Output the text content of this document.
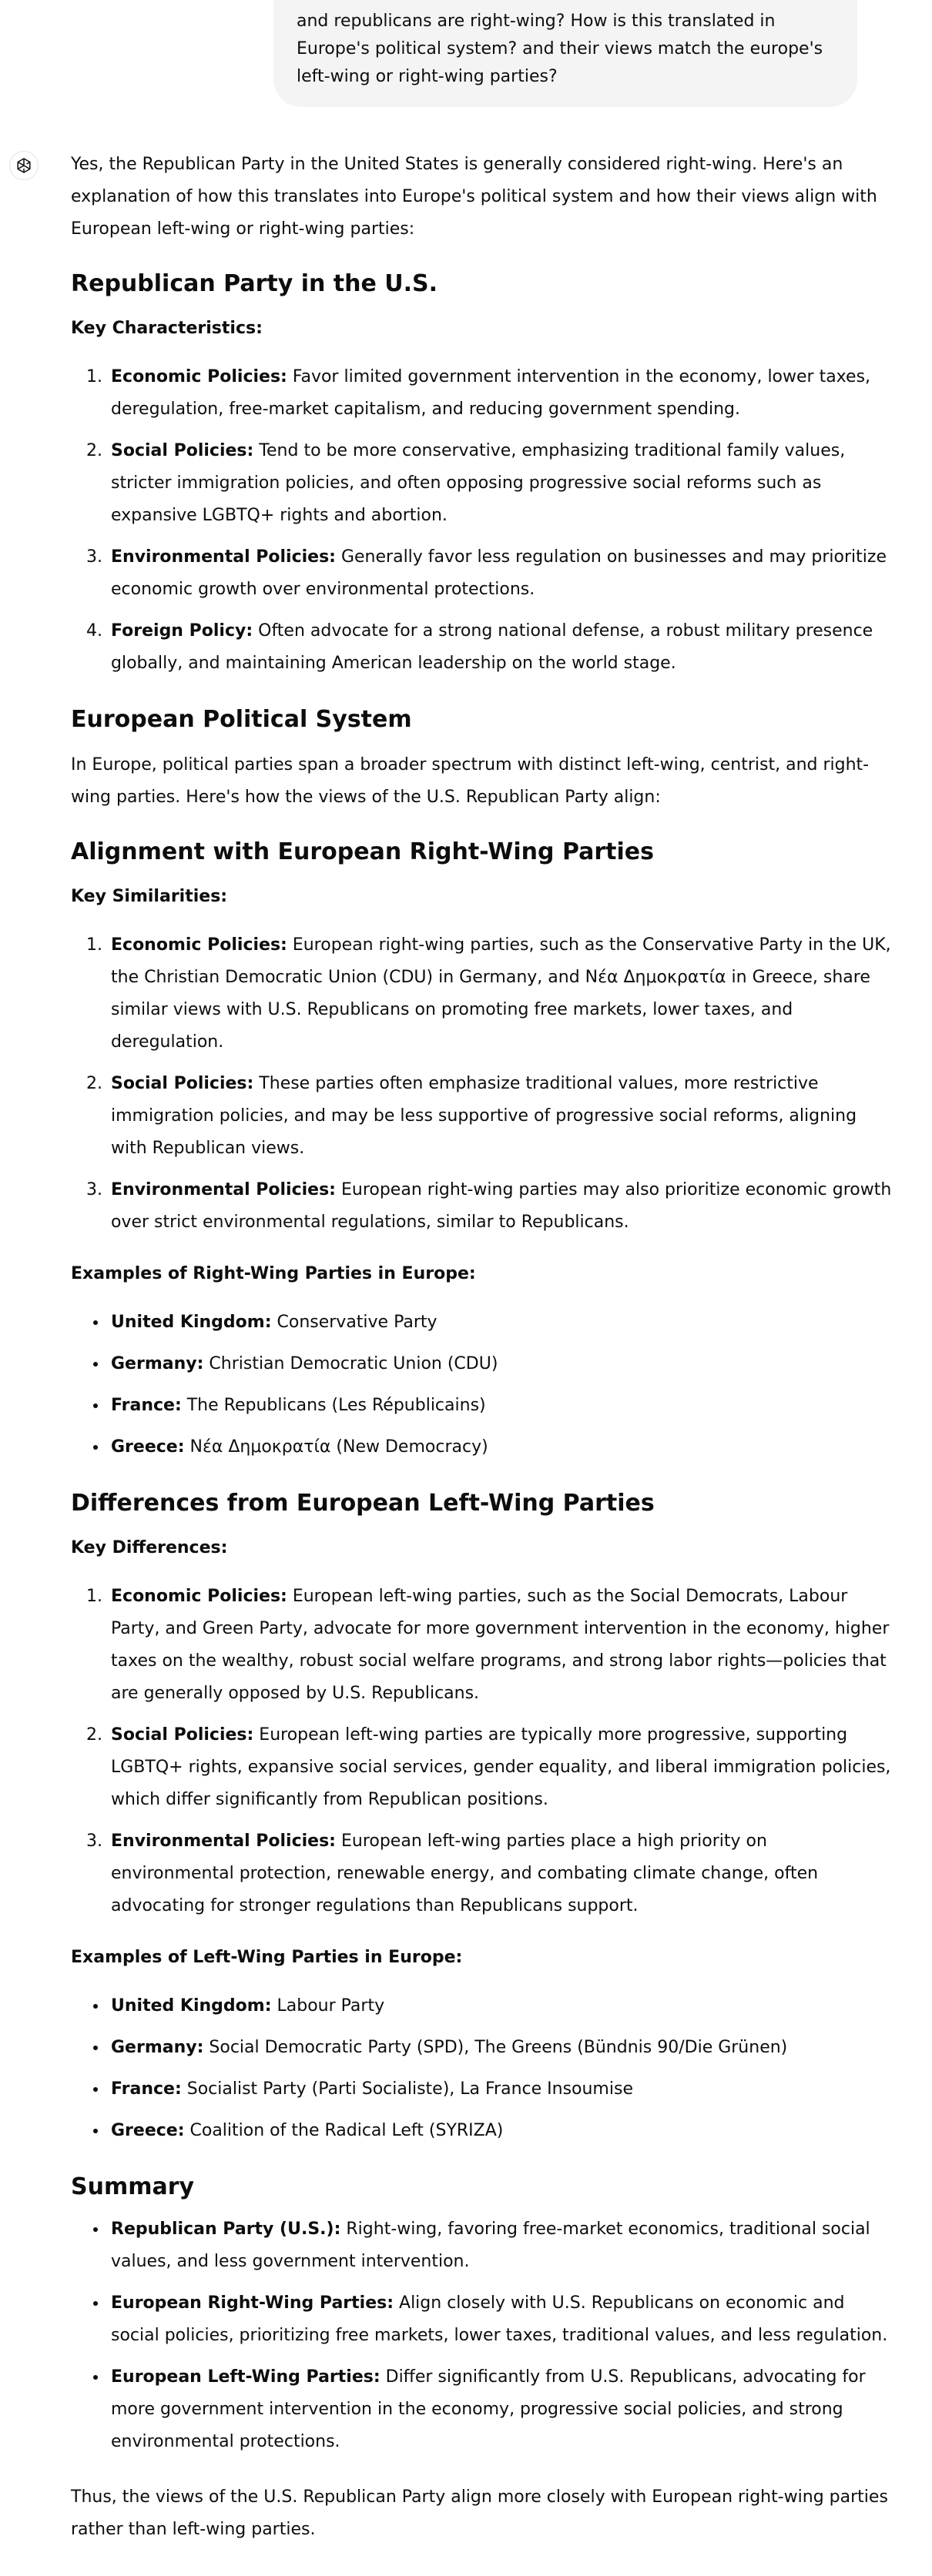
and republicans are right-wing? How is this translated in Europe's political system? and their views match the europe's left-wing or right-wing parties?

Yes, the Republican Party in the United States is generally considered right-wing. Here's an explanation of how this translates into Europe's political system and how their views align with European left-wing or right-wing parties:

Republican Party in the U.S.

Key Characteristics:

1. Economic Policies: Favor limited government intervention in the economy, lower taxes, deregulation, free-market capitalism, and reducing government spending.
2. Social Policies: Tend to be more conservative, emphasizing traditional family values, stricter immigration policies, and often opposing progressive social reforms such as expansive LGBTQ+ rights and abortion.
3. Environmental Policies: Generally favor less regulation on businesses and may prioritize economic growth over environmental protections.
4. Foreign Policy: Often advocate for a strong national defense, a robust military presence globally, and maintaining American leadership on the world stage.
European Political System

In Europe, political parties span a broader spectrum with distinct left-wing, centrist, and right-wing parties. Here's how the views of the U.S. Republican Party align:

Alignment with European Right-Wing Parties

Key Similarities:

1. Economic Policies: European right-wing parties, such as the Conservative Party in the UK, the Christian Democratic Union (CDU) in Germany, and Νέα Δημοκρατία in Greece, share similar views with U.S. Republicans on promoting free markets, lower taxes, and deregulation.
2. Social Policies: These parties often emphasize traditional values, more restrictive immigration policies, and may be less supportive of progressive social reforms, aligning with Republican views.
3. Environmental Policies: European right-wing parties may also prioritize economic growth over strict environmental regulations, similar to Republicans.

Examples of Right-Wing Parties in Europe:

• United Kingdom: Conservative Party
• Germany: Christian Democratic Union (CDU)
• France: The Republicans (Les Républicains)
• Greece: Νέα Δημοκρατία (New Democracy)
Differences from European Left-Wing Parties

Key Differences:

1. Economic Policies: European left-wing parties, such as the Social Democrats, Labour Party, and Green Party, advocate for more government intervention in the economy, higher taxes on the wealthy, robust social welfare programs, and strong labor rights—policies that are generally opposed by U.S. Republicans.
2. Social Policies: European left-wing parties are typically more progressive, supporting LGBTQ+ rights, expansive social services, gender equality, and liberal immigration policies, which differ significantly from Republican positions.
3. Environmental Policies: European left-wing parties place a high priority on environmental protection, renewable energy, and combating climate change, often advocating for stronger regulations than Republicans support.

Examples of Left-Wing Parties in Europe:

• United Kingdom: Labour Party
• Germany: Social Democratic Party (SPD), The Greens (Bündnis 90/Die Grünen)
• France: Socialist Party (Parti Socialiste), La France Insoumise
• Greece: Coalition of the Radical Left (SYRIZA)
Summary
• Republican Party (U.S.): Right-wing, favoring free-market economics, traditional social values, and less government intervention.
• European Right-Wing Parties: Align closely with U.S. Republicans on economic and social policies, prioritizing free markets, lower taxes, traditional values, and less regulation.
• European Left-Wing Parties: Differ significantly from U.S. Republicans, advocating for more government intervention in the economy, progressive social policies, and strong environmental protections.

Thus, the views of the U.S. Republican Party align more closely with European right-wing parties rather than left-wing parties.
